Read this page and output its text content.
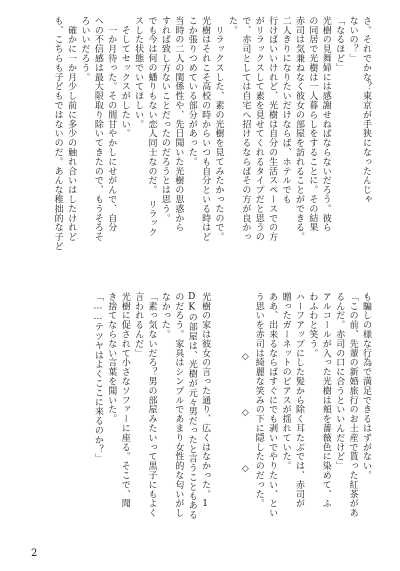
さ。それでかな？東京が手狭になったんじゃ
ないの？」
「なるほど」
光樹の見舞婦には感謝せねばならないだろう。彼ら
の同居で光樹は一人暮らしをすることに。その結果
赤司は気兼ねなく彼女の部屋を訪れることができる。
二人きりになりたいだけならば、ホテルでも
行けばいいけれど、光樹は自分の生活スペースでの方
がリラックスして素を見せてくれるタイプだと思うの
で、赤司としては自宅へ招けるならばその方が良かっ
た。
　リラックスした、素の光樹を見てみたかったので。
光樹はそれこそ高校の時からいつも自分といる時はど
こか張りつめている部分があった。
当時の二人の関係性や、先日聞いた光樹の思惑から
すれば致し方ないことだったのだろうとは思う。
でも今は何の蟠りもない恋人同士なのだ。　リラック
スした状態でいてほしい。
　そしてセックスがしたい。
　一か月待った。その間甘やかしにせがんで、自分
への不信感は最大限取り除いてきたので、もうそろそ
ろいいだろう。
　確かに一か月少し前に多少の触れ合いはしたけれど
も、こちらも子どもではないのだ。あんな稚拙的な子ど
も騙しの様な行為で満足できるはずがない。
「この前、先輩の新婚旅行のお土産で貰った紅茶があ
るんだ。赤司の口に合うといいんだけど」
アルコールが入った光樹は頬を薔薇色に染めて、ふ
わふわと笑う。
ハーフアップにした髪から除く耳たぶでは、赤司が
贈ったガーネットのピアスが揺れていた。
ああ、出来るならばすぐにでも剥いでやりたい、とい
う思いを赤司は綺麗な笑みの下に隠したのだった。
◇ ◇ ◇

光樹の家は彼女の言った通り、広くはなかった。1
DKの部屋は、光樹が元々男だったと言うこともある
のだろう。家具はシンプルであまり女性的な匂いがし
なかった。
「素っ気ないだろ？男の部屋みたいって黒子にもよく
言われるんだ」
光樹に促されて小さなソファーに座る。そこで、聞
き捨てならない言葉を聞いた。
「……テツヤはよくここに来るのか？」
2
